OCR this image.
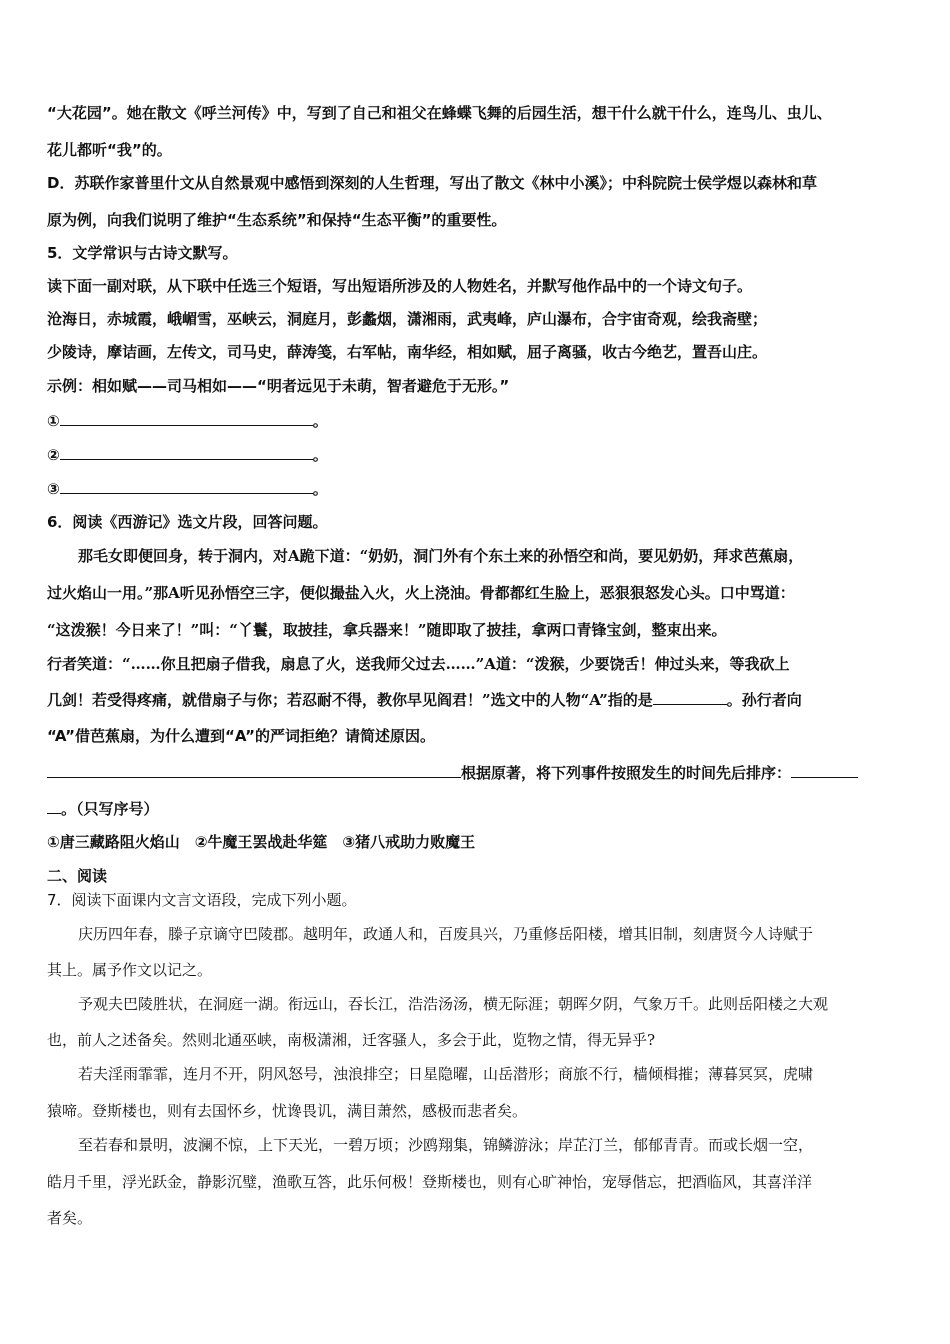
“大花园”。她在散文《呼兰河传》中，写到了自己和祖父在蜂蝶飞舞的后园生活，想干什么就干什么，连鸟儿、虫儿、
花儿都听“我”的。
D．苏联作家普里什文从自然景观中感悟到深刻的人生哲理，写出了散文《林中小溪》；中科院院士侯学煜以森林和草
原为例，向我们说明了维护“生态系统”和保持“生态平衡”的重要性。
5．文学常识与古诗文默写。
读下面一副对联，从下联中任选三个短语，写出短语所涉及的人物姓名，并默写他作品中的一个诗文句子。
沧海日，赤城霞，峨嵋雪，巫峡云，洞庭月，彭蠡烟，潇湘雨，武夷峰，庐山瀑布，合宇宙奇观，绘我斋壁；
少陵诗，摩诘画，左传文，司马史，薛涛笺，右军帖，南华经，相如赋，屈子离骚，收古今绝艺，置吾山庄。
示例：相如赋——司马相如——“明者远见于未萌，智者避危于无形。”
①	。
②	。
③	。
6．阅读《西游记》选文片段，回答问题。
那毛女即便回身，转于洞内，对A跪下道：“奶奶，洞门外有个东土来的孙悟空和尚，要见奶奶，拜求芭蕉扇，
过火焰山一用。”那A听见孙悟空三字，便似撮盐入火，火上浇油。骨都都红生脸上，恶狠狠怒发心头。口中骂道：
“这泼猴！今日来了！”叫：“丫鬟，取披挂，拿兵器来！”随即取了披挂，拿两口青锋宝剑，整束出来。
行者笑道：“……你且把扇子借我，扇息了火，送我师父过去……”A道：“泼猴，少要饶舌！伸过头来，等我砍上
几剑！若受得疼痛，就借扇子与你；若忍耐不得，教你早见阎君！”选文中的人物“A”指的是	。孙行者向
“A”借芭蕉扇，为什么遭到“A”的严词拒绝？请简述原因。
根据原著，将下列事件按照发生的时间先后排序：
。（只写序号）
①唐三藏路阻火焰山　②牛魔王罢战赴华筵　③猪八戒助力败魔王
二、阅读
7．阅读下面课内文言文语段，完成下列小题。
庆历四年春，滕子京谪守巴陵郡。越明年，政通人和，百废具兴，乃重修岳阳楼，增其旧制，刻唐贤今人诗赋于
其上。属予作文以记之。
予观夫巴陵胜状，在洞庭一湖。衔远山，吞长江，浩浩汤汤，横无际涯；朝晖夕阴，气象万千。此则岳阳楼之大观
也，前人之述备矣。然则北通巫峡，南极潇湘，迁客骚人，多会于此，览物之情，得无异乎?
若夫淫雨霏霏，连月不开，阴风怒号，浊浪排空；日星隐曜，山岳潜形；商旅不行，樯倾楫摧；薄暮冥冥，虎啸
猿啼。登斯楼也，则有去国怀乡，忧谗畏讥，满目萧然，感极而悲者矣。
至若春和景明，波澜不惊，上下天光，一碧万顷；沙鸥翔集，锦鳞游泳；岸芷汀兰，郁郁青青。而或长烟一空，
皓月千里，浮光跃金，静影沉璧，渔歌互答，此乐何极！登斯楼也，则有心旷神怡，宠辱偕忘，把酒临风，其喜洋洋
者矣。
